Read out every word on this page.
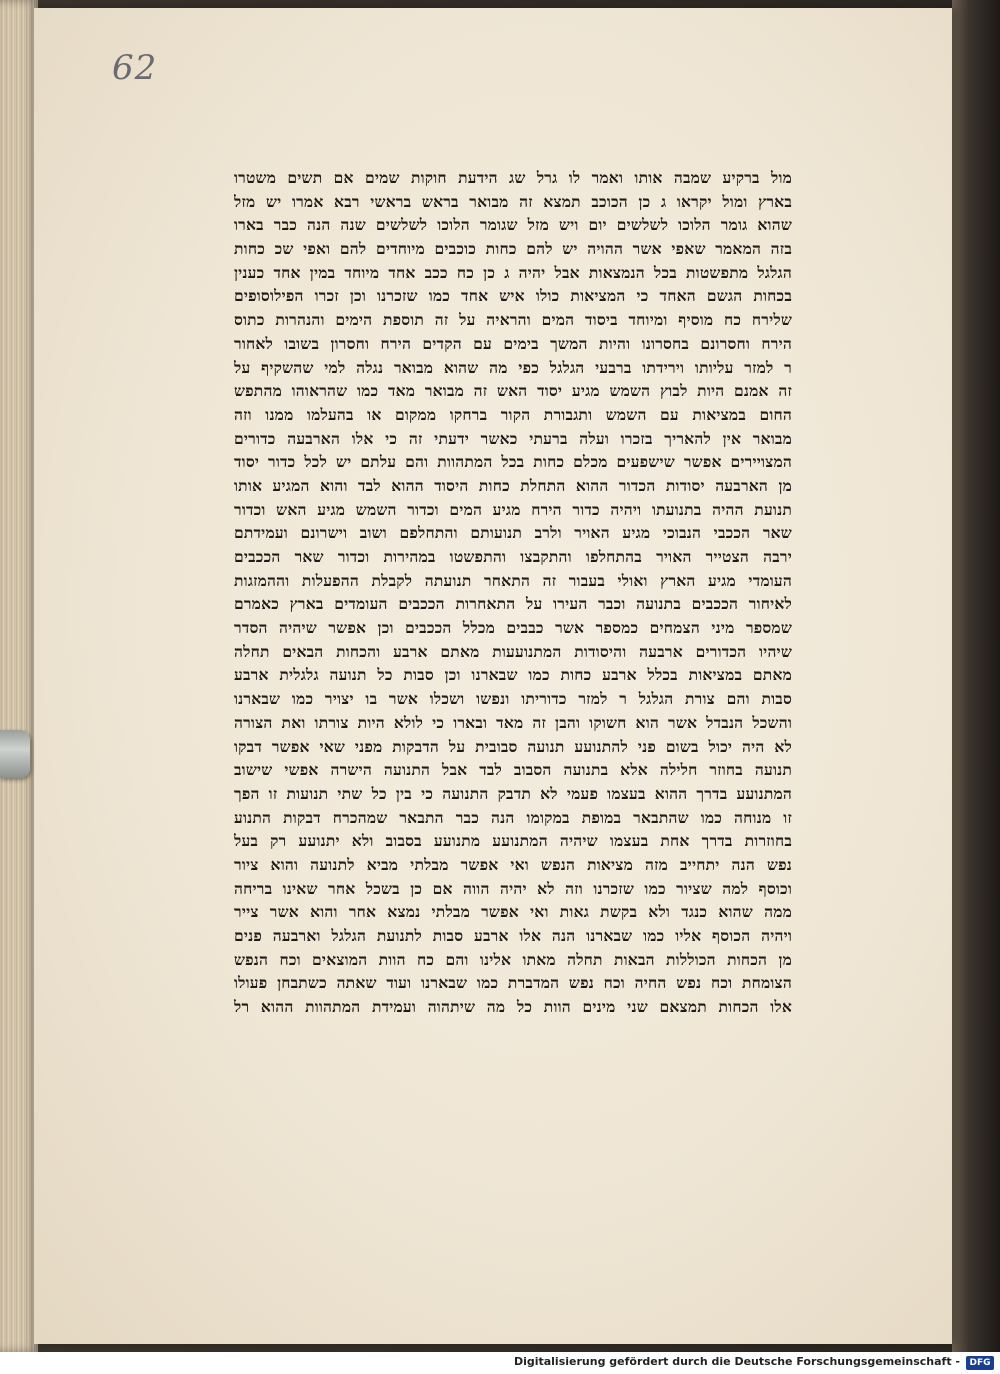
62
מול ברקיע שמבה אותו ואמר לו גרל שג הידעת חוקות שמים אם תשים משטרו
בארץ ומול יקראו ג כן הכוכב תמצא זה מבואר בראש בראשי רבא אמרו יש מזל
שהוא גומר הלוכו לשלשים יום ויש מזל שגומר הלוכו לשלשים שנה הנה כבר בארו
בזה המאמר שאפי אשר ההויה יש להם כחות כוכבים מיוחדים להם ואפי שכ כחות
הגלגל מתפשטות בכל הנמצאות אבל יהיה ג כן כח ככב אחד מיוחד במין אחד כענין
בכחות הגשם האחד כי המציאות כולו איש אחד כמו שזכרנו וכן זכרו הפילוסופים
שלירח כח מוסיף ומיוחד ביסוד המים והראיה על זה תוספת הימים והנהרות כתוס
הירח וחסרונם בחסרונו והיות המשך בימים עם הקדים הירח וחסרון בשובו לאחור
ר למזר עליותו וירידתו ברבעי הגלגל כפי מה שהוא מבואר נגלה למי שהשקיף על
זה אמנם היות לבוץ השמש מגיע יסוד האש זה מבואר מאד כמו שהראוהו מהתפש
החום במציאות עם השמש ותגבורת הקור ברחקו ממקום או בהעלמו ממנו וזה
מבואר אין להאריך בזכרו ועלה ברעתי כאשר ידעתי זה כי אלו הארבעה כדורים
המצויירים אפשר שישפעים מכלם כחות בכל המתהוות והם עלתם יש לכל כדור יסוד
מן הארבעה יסודות הכדור ההוא התחלת כחות היסוד ההוא לבד והוא המגיע אותו
תנועת ההיה בתנועתו ויהיה כדור הירח מגיע המים וכדור השמש מגיע האש וכדור
שאר הככבי הנבוכי מגיע האויר ולרב תנועותם והתחלפם ושוב וישרונם ועמידתם
ירבה הצטייר האויר בהתחלפו והתקבצו והתפשטו במהירות וכדור שאר הככבים
העומדי מגיע הארץ ואולי בעבור זה התאחר תנועתה לקבלת ההפעלות וההמזגות
לאיחור הככבים בתנועה וכבר העירו על התאחרות הככבים העומדים בארץ כאמרם
שמספר מיני הצמחים כמספר אשר כבבים מכלל הככבים וכן אפשר שיהיה הסדר
שיהיו הכדורים ארבעה והיסודות המתנועעות מאתם ארבע והכחות הבאים תחלה
מאתם במציאות בכלל ארבע כחות כמו שבארנו וכן סבות כל תנועה גלגלית ארבע
סבות והם צורת הגלגל ר למזר כדוריתו ונפשו ושכלו אשר בו יצויר כמו שבארנו
והשכל הנבדל אשר הוא חשוקו והבן זה מאד ובארו כי לולא היות צורתו ואת הצורה
לא היה יכול בשום פני להתנועע תנועה סבובית על הדבקות מפני שאי אפשר דבקו
תנועה בחוזר חלילה אלא בתנועה הסבוב לבד אבל התנועה הישרה אפשי שישוב
המתנועע בדרך ההוא בעצמו פעמי לא תדבק התנועה כי בין כל שתי תנועות זו הפך
זו מנוחה כמו שהתבאר במופת במקומו הנה כבר התבאר שמהכרח דבקות התנוע
בחוזרות בדרך אחת בעצמו שיהיה המתנועע מתנועע בסבוב ולא יתנועע רק בעל
נפש הנה יתחייב מזה מציאות הנפש ואי אפשר מבלתי מביא לתנועה והוא ציור
וכוסף למה שציור כמו שזכרנו וזה לא יהיה הווה אם כן בשכל אחר שאינו בריחה
ממה שהוא כנגד ולא בקשת גאות ואי אפשר מבלתי נמצא אחר והוא אשר צייר
ויהיה הכוסף אליו כמו שבארנו הנה אלו ארבע סבות לתנועת הגלגל וארבעה פנים
מן הכחות הכוללות הבאות תחלה מאתו אלינו והם כח הוות המוצאים וכח הנפש
הצומחת וכח נפש החיה וכח נפש המדברת כמו שבארנו ועוד שאתה כשתבחן פעולו
אלו הכחות תמצאם שני מינים הוות כל מה שיתהוה ועמידת המתהוות ההוא רל
Digitalisierung gefördert durch die Deutsche Forschungsgemeinschaft -	DFG
